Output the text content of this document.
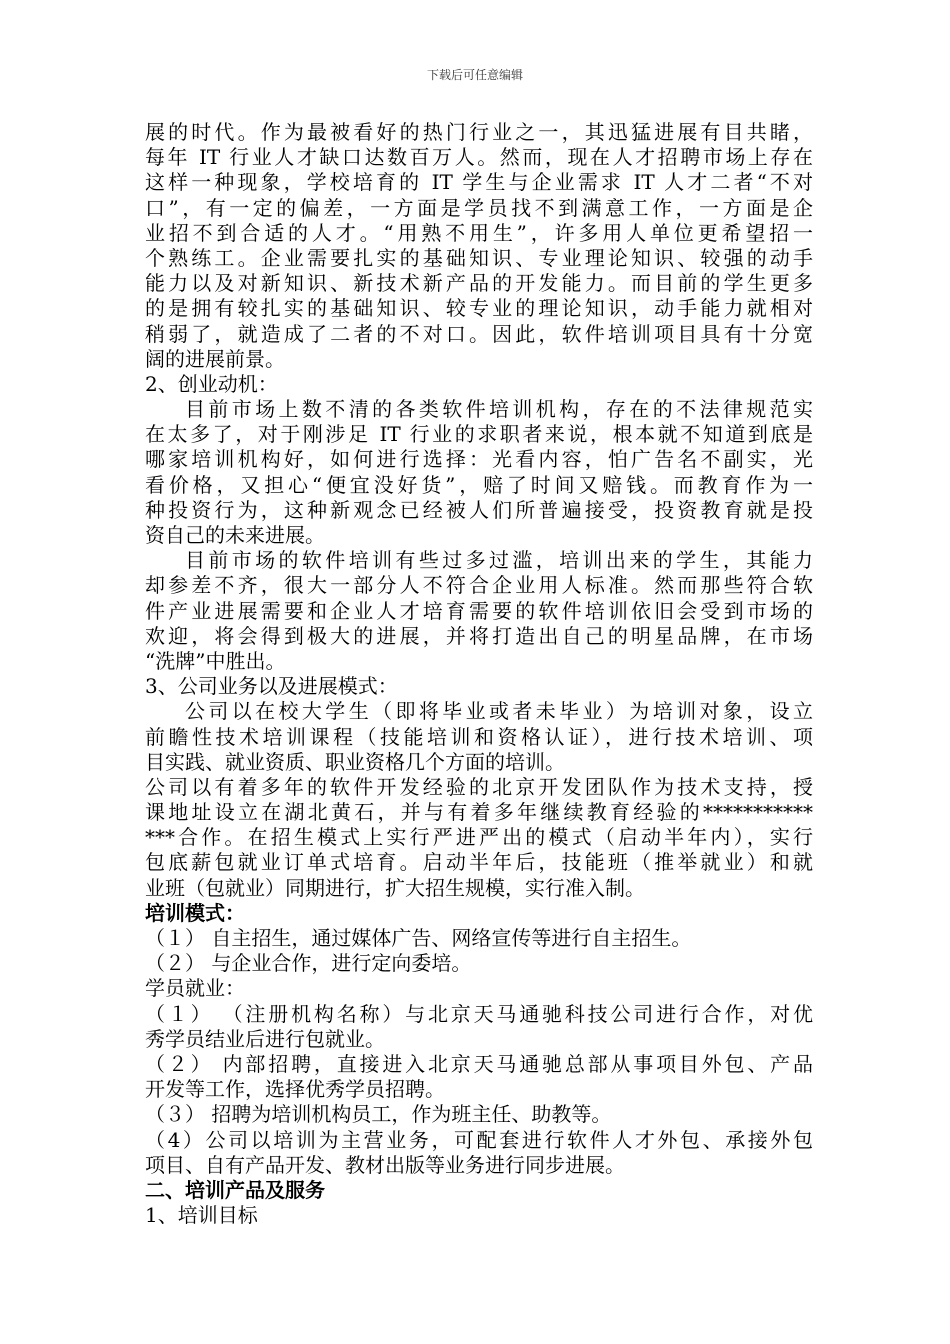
下载后可任意编辑
展的时代。作为最被看好的热门行业之一，其迅猛进展有目共睹，
每年 IT 行业人才缺口达数百万人。然而，现在人才招聘市场上存在
这样一种现象，学校培育的 IT 学生与企业需求 IT 人才二者“不对
口”，有一定的偏差，一方面是学员找不到满意工作，一方面是企
业招不到合适的人才。“用熟不用生”，许多用人单位更希望招一
个熟练工。企业需要扎实的基础知识、专业理论知识、较强的动手
能力以及对新知识、新技术新产品的开发能力。而目前的学生更多
的是拥有较扎实的基础知识、较专业的理论知识，动手能力就相对
稍弱了，就造成了二者的不对口。因此，软件培训项目具有十分宽
阔的进展前景。
2、创业动机：
目前市场上数不清的各类软件培训机构，存在的不法律规范实
在太多了，对于刚涉足 IT 行业的求职者来说，根本就不知道到底是
哪家培训机构好，如何进行选择：光看内容，怕广告名不副实，光
看价格，又担心“便宜没好货”，赔了时间又赔钱。而教育作为一
种投资行为，这种新观念已经被人们所普遍接受，投资教育就是投
资自己的未来进展。
目前市场的软件培训有些过多过滥，培训出来的学生，其能力
却参差不齐，很大一部分人不符合企业用人标准。然而那些符合软
件产业进展需要和企业人才培育需要的软件培训依旧会受到市场的
欢迎，将会得到极大的进展，并将打造出自己的明星品牌，在市场
“洗牌”中胜出。
3、公司业务以及进展模式：
公司以在校大学生（即将毕业或者未毕业）为培训对象，设立
前瞻性技术培训课程（技能培训和资格认证），进行技术培训、项
目实践、就业资质、职业资格几个方面的培训。
公司以有着多年的软件开发经验的北京开发团队作为技术支持，授
课地址设立在湖北黄石，并与有着多年继续教育经验的***********
***合作。在招生模式上实行严进严出的模式（启动半年内），实行
包底薪包就业订单式培育。启动半年后，技能班（推举就业）和就
业班（包就业）同期进行，扩大招生规模，实行准入制。
培训模式：
（１） 自主招生，通过媒体广告、网络宣传等进行自主招生。
（２） 与企业合作，进行定向委培。
学员就业：
（１） （注册机构名称）与北京天马通驰科技公司进行合作，对优
秀学员结业后进行包就业。
（２） 内部招聘，直接进入北京天马通驰总部从事项目外包、产品
开发等工作，选择优秀学员招聘。
（３） 招聘为培训机构员工，作为班主任、助教等。
（4）公司以培训为主营业务，可配套进行软件人才外包、承接外包
项目、自有产品开发、教材出版等业务进行同步进展。
二、培训产品及服务
1、培训目标
